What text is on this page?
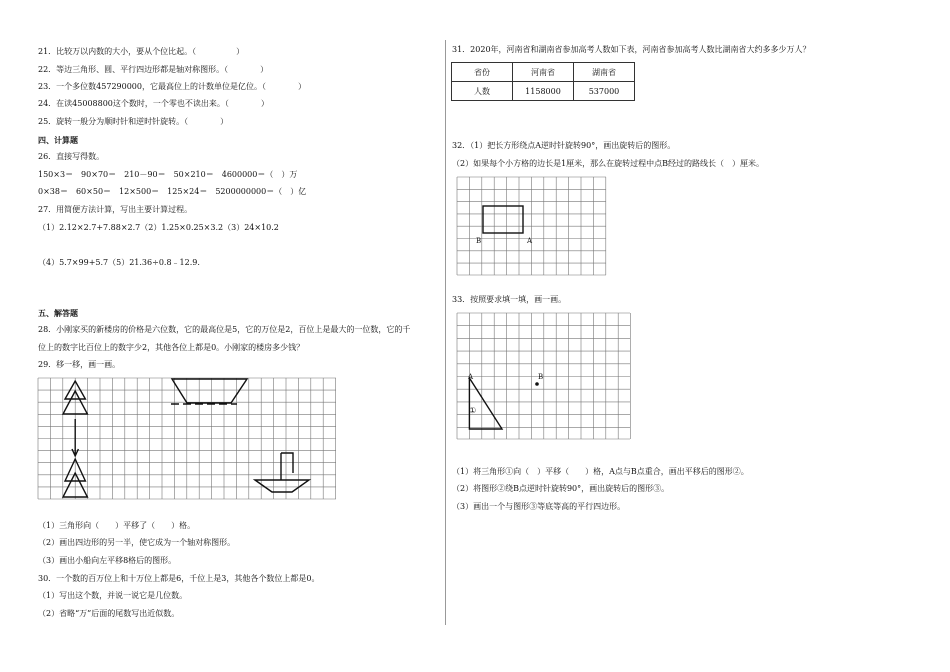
21．比较万以内数的大小，要从个位比起。（　　　　　）
22．等边三角形、圆、平行四边形都是轴对称图形。（　　　　）
23．一个多位数457290000，它最高位上的计数单位是亿位。（　　　　）
24．在读45008800这个数时，一个零也不读出来。（　　　　）
25．旋转一般分为顺时针和逆时针旋转。（　　　　）
四、计算题
26．直接写得数。
150×3＝　90×70＝　210－90＝　50×210＝　4600000＝（　）万
0×38＝　60×50＝　12×500＝　125×24＝　5200000000＝（　）亿
27．用简便方法计算，写出主要计算过程。
（1）2.12×2.7+7.88×2.7（2）1.25×0.25×3.2（3）24×10.2
（4）5.7×99+5.7（5）21.36÷0.8﹣12.9.
五、解答题
28．小刚家买的新楼房的价格是六位数，它的最高位是5，它的万位是2，百位上是最大的一位数，它的千
位上的数字比百位上的数字少2，其他各位上都是0。小刚家的楼房多少钱？
29．移一移，画一画。
（1）三角形向（　　）平移了（　　）格。
（2）画出四边形的另一半，使它成为一个轴对称图形。
（3）画出小船向左平移8格后的图形。
30．一个数的百万位上和十万位上都是6，千位上是3，其他各个数位上都是0。
（1）写出这个数，并说一说它是几位数。
（2）省略“万”后面的尾数写出近似数。
31．2020年，河南省和湖南省参加高考人数如下表，河南省参加高考人数比湖南省大约多多少万人？
省份	河南省	湖南省
人数	1158000	537000
32．（1）把长方形绕点A逆时针旋转90°，画出旋转后的图形。
（2）如果每个小方格的边长是1厘米，那么在旋转过程中点B经过的路线长（　）厘米。
B	A
33．按照要求填一填，画一画。
A	B
①
（1）将三角形①向（　）平移（　　）格，A点与B点重合，画出平移后的图形②。
（2）将图形②绕B点逆时针旋转90°，画出旋转后的图形③。
（3）画出一个与图形③等底等高的平行四边形。
